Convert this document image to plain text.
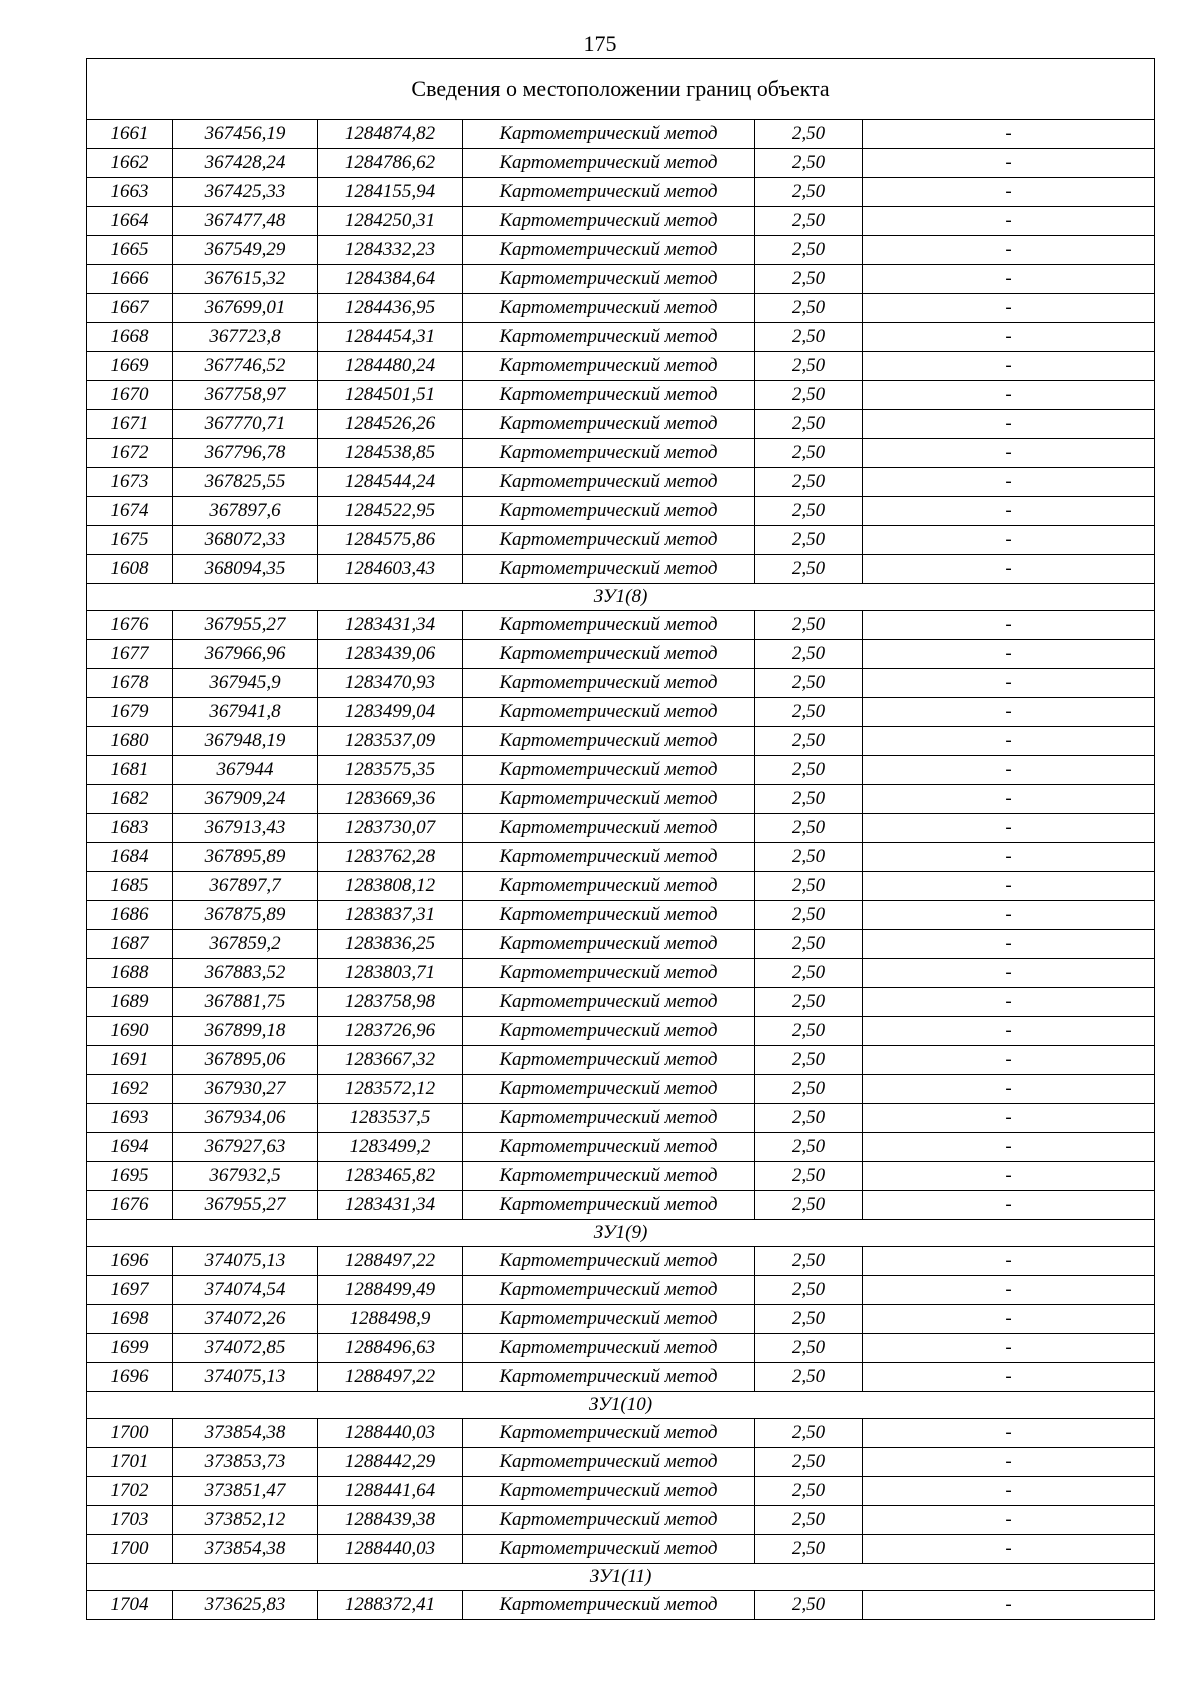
175
Сведения о местоположении границ объекта					
1661	367456,19	1284874,82	Картометрический метод	2,50	-
1662	367428,24	1284786,62	Картометрический метод	2,50	-
1663	367425,33	1284155,94	Картометрический метод	2,50	-
1664	367477,48	1284250,31	Картометрический метод	2,50	-
1665	367549,29	1284332,23	Картометрический метод	2,50	-
1666	367615,32	1284384,64	Картометрический метод	2,50	-
1667	367699,01	1284436,95	Картометрический метод	2,50	-
1668	367723,8	1284454,31	Картометрический метод	2,50	-
1669	367746,52	1284480,24	Картометрический метод	2,50	-
1670	367758,97	1284501,51	Картометрический метод	2,50	-
1671	367770,71	1284526,26	Картометрический метод	2,50	-
1672	367796,78	1284538,85	Картометрический метод	2,50	-
1673	367825,55	1284544,24	Картометрический метод	2,50	-
1674	367897,6	1284522,95	Картометрический метод	2,50	-
1675	368072,33	1284575,86	Картометрический метод	2,50	-
1608	368094,35	1284603,43	Картометрический метод	2,50	-
ЗУ1(8)					
1676	367955,27	1283431,34	Картометрический метод	2,50	-
1677	367966,96	1283439,06	Картометрический метод	2,50	-
1678	367945,9	1283470,93	Картометрический метод	2,50	-
1679	367941,8	1283499,04	Картометрический метод	2,50	-
1680	367948,19	1283537,09	Картометрический метод	2,50	-
1681	367944	1283575,35	Картометрический метод	2,50	-
1682	367909,24	1283669,36	Картометрический метод	2,50	-
1683	367913,43	1283730,07	Картометрический метод	2,50	-
1684	367895,89	1283762,28	Картометрический метод	2,50	-
1685	367897,7	1283808,12	Картометрический метод	2,50	-
1686	367875,89	1283837,31	Картометрический метод	2,50	-
1687	367859,2	1283836,25	Картометрический метод	2,50	-
1688	367883,52	1283803,71	Картометрический метод	2,50	-
1689	367881,75	1283758,98	Картометрический метод	2,50	-
1690	367899,18	1283726,96	Картометрический метод	2,50	-
1691	367895,06	1283667,32	Картометрический метод	2,50	-
1692	367930,27	1283572,12	Картометрический метод	2,50	-
1693	367934,06	1283537,5	Картометрический метод	2,50	-
1694	367927,63	1283499,2	Картометрический метод	2,50	-
1695	367932,5	1283465,82	Картометрический метод	2,50	-
1676	367955,27	1283431,34	Картометрический метод	2,50	-
ЗУ1(9)					
1696	374075,13	1288497,22	Картометрический метод	2,50	-
1697	374074,54	1288499,49	Картометрический метод	2,50	-
1698	374072,26	1288498,9	Картометрический метод	2,50	-
1699	374072,85	1288496,63	Картометрический метод	2,50	-
1696	374075,13	1288497,22	Картометрический метод	2,50	-
ЗУ1(10)					
1700	373854,38	1288440,03	Картометрический метод	2,50	-
1701	373853,73	1288442,29	Картометрический метод	2,50	-
1702	373851,47	1288441,64	Картометрический метод	2,50	-
1703	373852,12	1288439,38	Картометрический метод	2,50	-
1700	373854,38	1288440,03	Картометрический метод	2,50	-
ЗУ1(11)					
1704	373625,83	1288372,41	Картометрический метод	2,50	-
